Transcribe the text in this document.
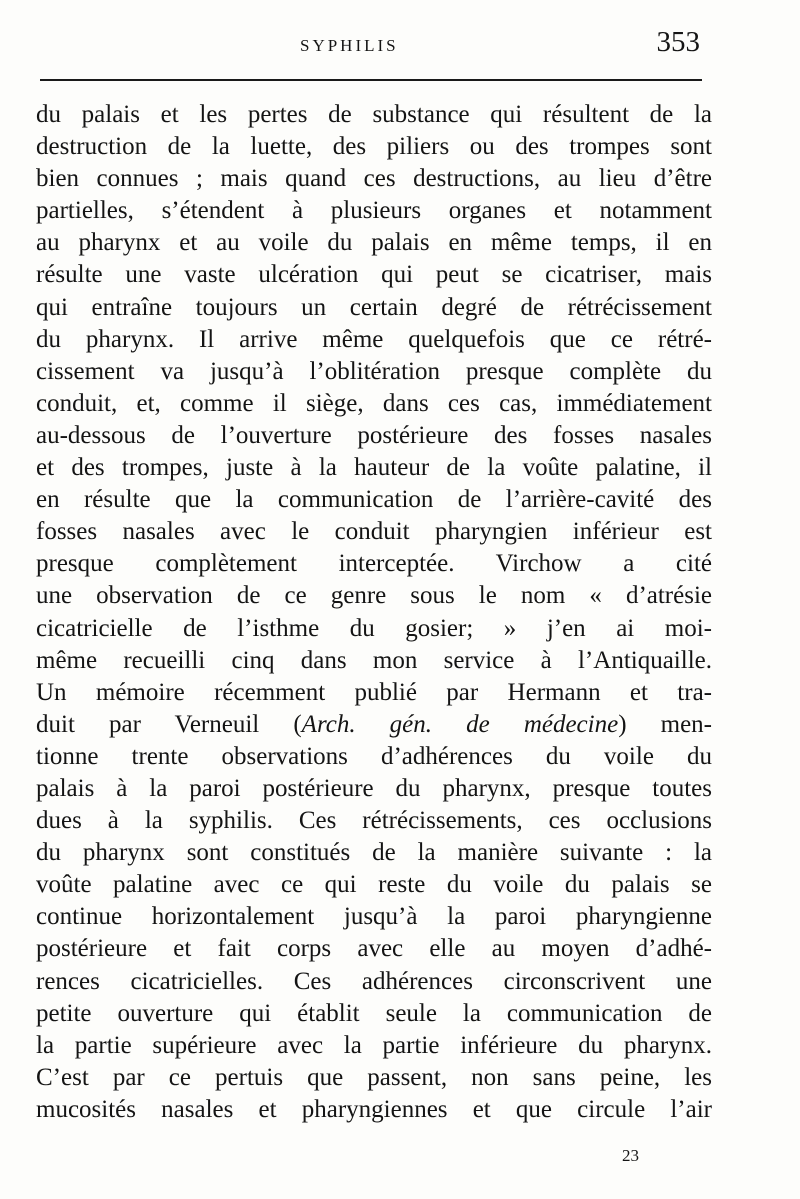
SYPHILIS	353
du palais et les pertes de substance qui résultent de la
destruction de la luette, des piliers ou des trompes sont
bien connues ; mais quand ces destructions, au lieu d’être
partielles, s’étendent à plusieurs organes et notamment
au pharynx et au voile du palais en même temps, il en
résulte une vaste ulcération qui peut se cicatriser, mais
qui entraîne toujours un certain degré de rétrécissement
du pharynx. Il arrive même quelquefois que ce rétré-
cissement va jusqu’à l’oblitération presque complète du
conduit, et, comme il siège, dans ces cas, immédiatement
au-dessous de l’ouverture postérieure des fosses nasales
et des trompes, juste à la hauteur de la voûte palatine, il
en résulte que la communication de l’arrière-cavité des
fosses nasales avec le conduit pharyngien inférieur est
presque complètement interceptée. Virchow a cité
une observation de ce genre sous le nom « d’atrésie
cicatricielle de l’isthme du gosier; » j’en ai moi-
même recueilli cinq dans mon service à l’Antiquaille.
Un mémoire récemment publié par Hermann et tra-
duit par Verneuil (Arch. gén. de médecine) men-
tionne trente observations d’adhérences du voile du
palais à la paroi postérieure du pharynx, presque toutes
dues à la syphilis. Ces rétrécissements, ces occlusions
du pharynx sont constitués de la manière suivante : la
voûte palatine avec ce qui reste du voile du palais se
continue horizontalement jusqu’à la paroi pharyngienne
postérieure et fait corps avec elle au moyen d’adhé-
rences cicatricielles. Ces adhérences circonscrivent une
petite ouverture qui établit seule la communication de
la partie supérieure avec la partie inférieure du pharynx.
C’est par ce pertuis que passent, non sans peine, les
mucosités nasales et pharyngiennes et que circule l’air
23
